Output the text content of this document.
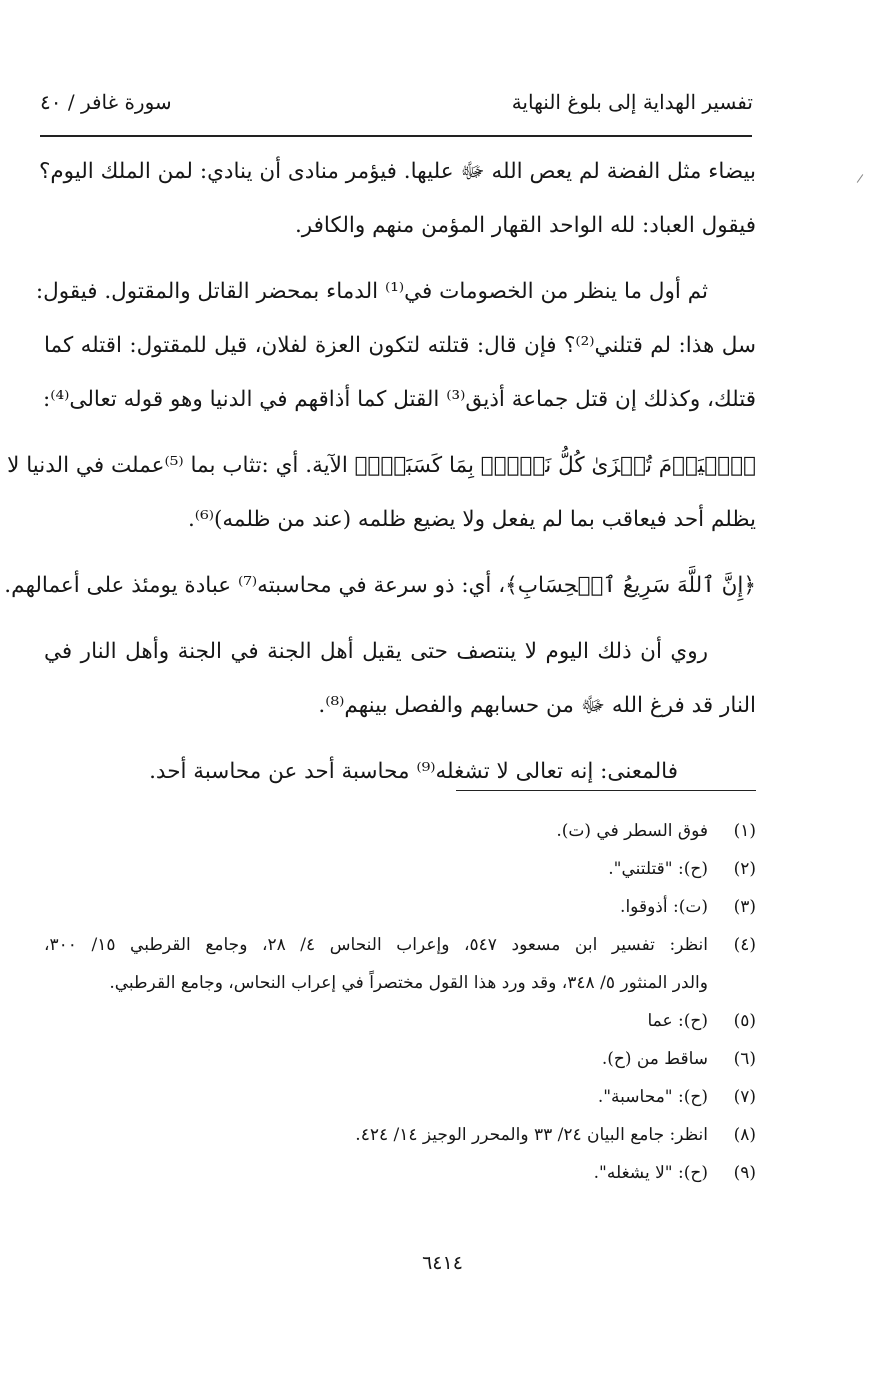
تفسير الهداية إلى بلوغ النهاية
سورة غافر / ٤٠
بيضاء مثل الفضة لم يعص الله ﷻ عليها. فيؤمر منادى أن ينادي: لمن الملك اليوم؟
فيقول العباد: لله الواحد القهار المؤمن منهم والكافر.
ثم أول ما ينظر من الخصومات في⁽¹⁾ الدماء بمحضر القاتل والمقتول. فيقول:
سل هذا: لم قتلني⁽²⁾؟ فإن قال: قتلته لتكون العزة لفلان، قيل للمقتول: اقتله كما
قتلك، وكذلك إن قتل جماعة أذيق⁽³⁾ القتل كما أذاقهم في الدنيا وهو قوله تعالى⁽⁴⁾:
﴿ٱلۡيَوۡمَ تُجۡزَىٰ كُلُّ نَفۡسِۭ بِمَا كَسَبَتۡۚ﴾ الآية. أي :تثاب بما ⁽⁵⁾عملت في الدنيا لا
يظلم أحد فيعاقب بما لم يفعل ولا يضيع ظلمه (عند من ظلمه)⁽⁶⁾.
﴿إِنَّ ٱللَّهَ سَرِيعُ ٱلۡحِسَابِ﴾، أي: ذو سرعة في محاسبته⁽⁷⁾ عبادة يومئذ على أعمالهم.
روي أن ذلك اليوم لا ينتصف حتى يقيل أهل الجنة في الجنة وأهل النار في
النار قد فرغ الله ﷻ من حسابهم والفصل بينهم⁽⁸⁾.
فالمعنى: إنه تعالى لا تشغله⁽⁹⁾ محاسبة أحد عن محاسبة أحد.
(١)
فوق السطر في (ت).
(٢)
(ح): "قتلتني".
(٣)
(ت): أذوقوا.
(٤)
انظر: تفسير ابن مسعود ٥٤٧، وإعراب النحاس ٤/ ٢٨، وجامع القرطبي ١٥/ ٣٠٠،
والدر المنثور ٥/ ٣٤٨، وقد ورد هذا القول مختصراً في إعراب النحاس، وجامع القرطبي.
(٥)
(ح): عما
(٦)
ساقط من (ح).
(٧)
(ح): "محاسبة".
(٨)
انظر: جامع البيان ٢٤/ ٣٣ والمحرر الوجيز ١٤/ ٤٢٤.
(٩)
(ح): "لا يشغله".
٦٤١٤
